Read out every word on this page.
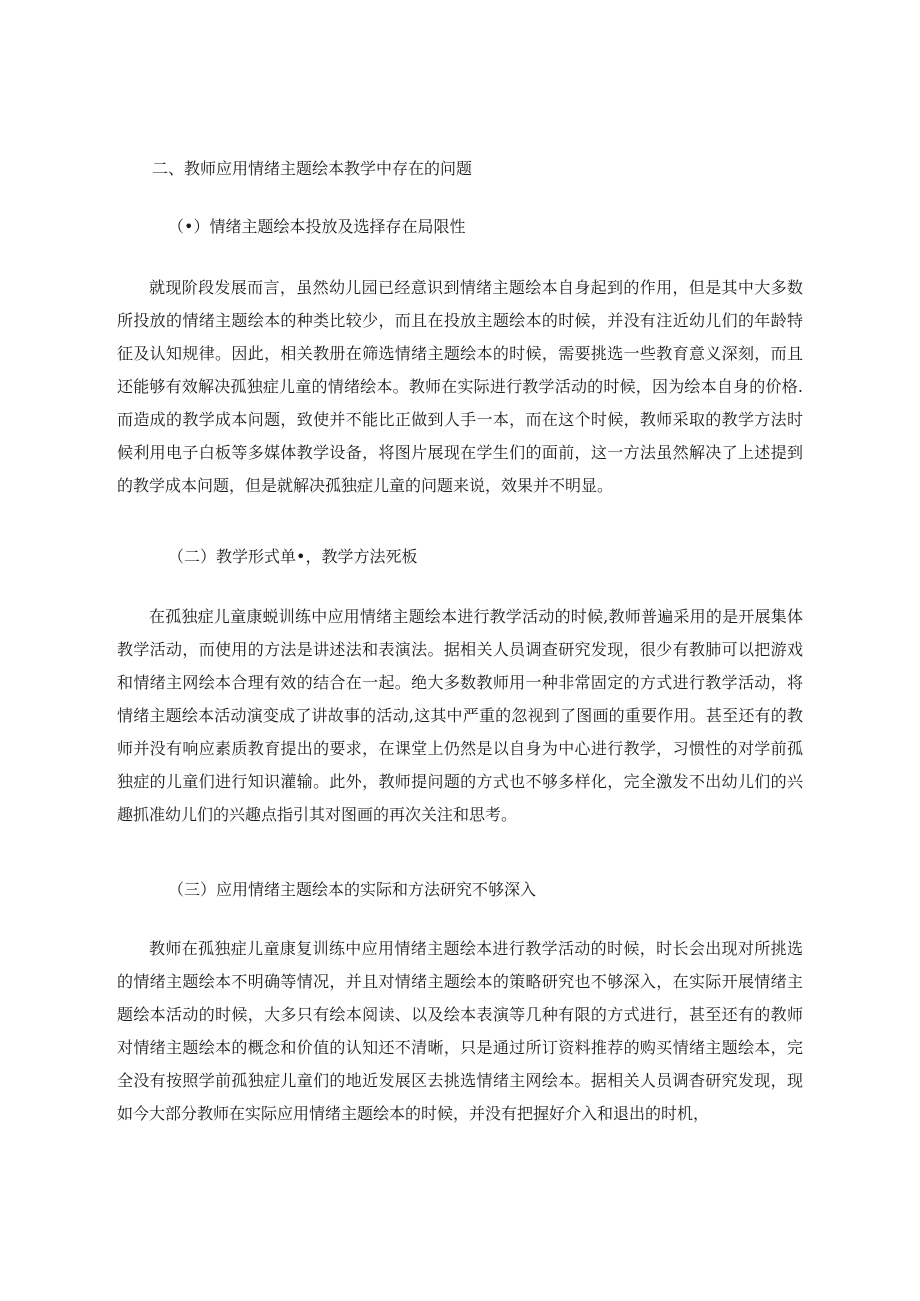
二、教师应用情绪主题绘本教学中存在的问题
（•）情绪主题绘本投放及选择存在局限性

就现阶段发展而言，虽然幼儿园已经意识到情绪主题绘本自身起到的作用，但是其中大多数所投放的情绪主题绘本的种类比较少，而且在投放主题绘本的时候，并没有注近幼儿们的年龄特征及认知规律。因此，相关教册在筛选情绪主题绘本的时候，需要挑选一些教育意义深刻，而且还能够有效解决孤独症儿童的情绪绘本。教师在实际进行教学活动的时候，因为绘本自身的价格.而造成的教学成本问题，致使并不能比正做到人手一本，而在这个时候，教师采取的教学方法时候利用电子白板等多媒体教学设备，将图片展现在学生们的面前，这一方法虽然解决了上述提到的教学成本问题，但是就解决孤独症儿童的问题来说，效果并不明显。

（二）教学形式单•，教学方法死板

在孤独症儿童康蜕训练中应用情绪主题绘本进行教学活动的时候,教师普遍采用的是开展集体教学活动，而使用的方法是讲述法和表演法。据相关人员调查研究发现，很少有教肺可以把游戏和情绪主网绘本合理有效的结合在一起。绝大多数教师用一种非常固定的方式进行教学活动，将情绪主题绘本活动演变成了讲故事的活动,这其中严重的忽视到了图画的重要作用。甚至还有的教师并没有响应素质教育提出的要求，在课堂上仍然是以自身为中心进行教学，习惯性的对学前孤独症的儿童们进行知识灌输。此外，教师提问题的方式也不够多样化，完全激发不出幼儿们的兴趣抓准幼儿们的兴趣点指引其对图画的再次关注和思考。

（三）应用情绪主题绘本的实际和方法研究不够深入

教师在孤独症儿童康复训练中应用情绪主题绘本进行教学活动的时候，时长会出现对所挑选的情绪主题绘本不明确等情况，并且对情绪主题绘本的策略研究也不够深入，在实际开展情绪主题绘本活动的时候，大多只有绘本阅读、以及绘本表演等几种有限的方式进行，甚至还有的教师对情绪主题绘本的概念和价值的认知还不清晰，只是通过所订资料推荐的购买情绪主题绘本，完全没有按照学前孤独症儿童们的地近发展区去挑选情绪主网绘本。据相关人员调杳研究发现，现如今大部分教师在实际应用情绪主题绘本的时候，并没有把握好介入和退出的时机，
